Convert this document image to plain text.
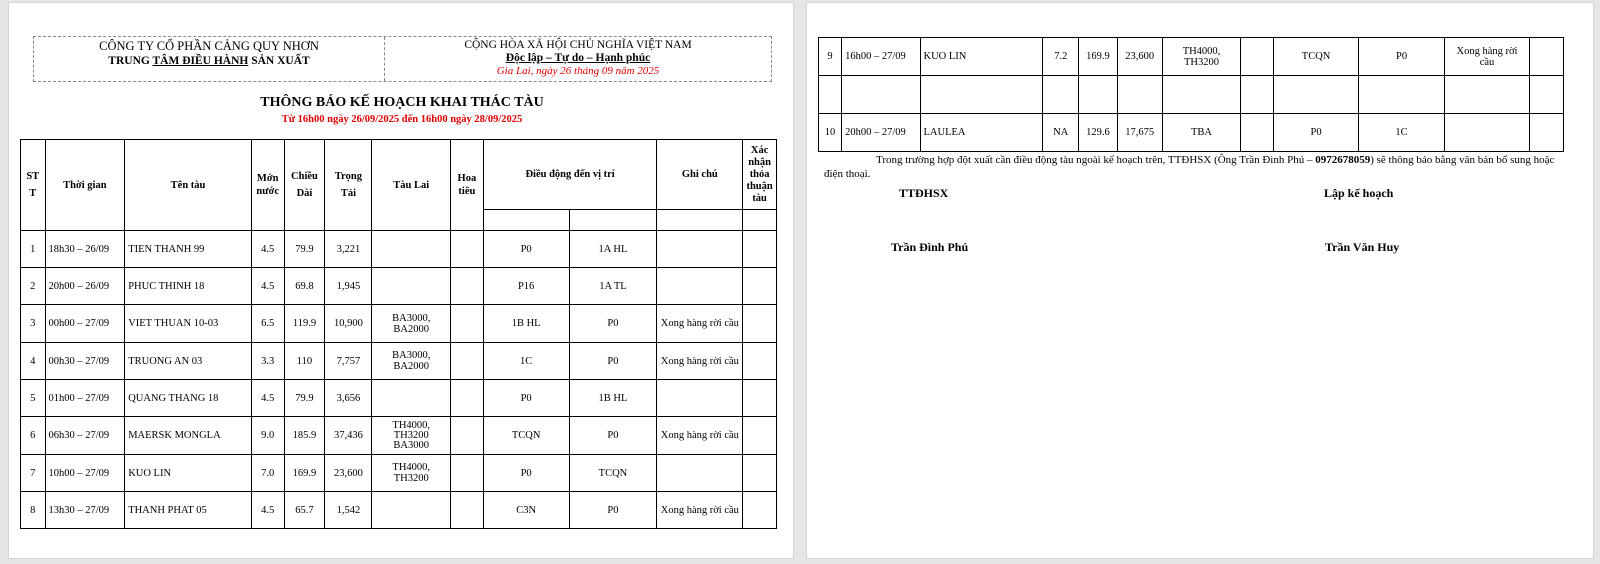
CÔNG TY CỔ PHẦN CẢNG QUY NHƠN
TRUNG TÂM ĐIỀU HÀNH SẢN XUẤT
CỘNG HÒA XÃ HỘI CHỦ NGHĨA VIỆT NAM
Độc lập – Tự do – Hạnh phúc
Gia Lai, ngày 26 tháng 09 năm 2025
THÔNG BÁO KẾ HOẠCH KHAI THÁC TÀU
Từ 16h00 ngày 26/09/2025 đến 16h00 ngày 28/09/2025
ST T	Thời gian	Tên tàu	Mớn nước	Chiều Dài	Trọng Tải	Tàu Lai	Hoa tiêu	Điều động đến vị trí		Ghi chú	Xác nhận thỏa thuận tàu

1	18h30 – 26/09	TIEN THANH 99	4.5	79.9	3,221			P0	1A HL		
2	20h00 – 26/09	PHUC THINH 18	4.5	69.8	1,945			P16	1A TL		
3	00h00 – 27/09	VIET THUAN 10-03	6.5	119.9	10,900	BA3000, BA2000		1B HL	P0	Xong hàng rời cầu	
4	00h30 – 27/09	TRUONG AN 03	3.3	110	7,757	BA3000, BA2000		1C	P0	Xong hàng rời cầu	
5	01h00 – 27/09	QUANG THANG 18	4.5	79.9	3,656			P0	1B HL		
6	06h30 – 27/09	MAERSK MONGLA	9.0	185.9	37,436	TH4000, TH3200 BA3000		TCQN	P0	Xong hàng rời cầu	
7	10h00 – 27/09	KUO LIN	7.0	169.9	23,600	TH4000, TH3200		P0	TCQN		
8	13h30 – 27/09	THANH PHAT 05	4.5	65.7	1,542			C3N	P0	Xong hàng rời cầu	
9	16h00 – 27/09	KUO LIN	7.2	169.9	23,600	TH4000, TH3200		TCQN	P0	Xong hàng rời cầu	

10	20h00 – 27/09	LAULEA	NA	129.6	17,675	TBA		P0	1C		
Trong trường hợp đột xuất cần điều động tàu ngoài kế hoạch trên, TTĐHSX (Ông Trần Đình Phú – 0972678059) sẽ thông báo bằng văn bản bổ sung hoặc điện thoại.
TTĐHSX	Lập kế hoạch
Trần Đình Phú	Trần Văn Huy
